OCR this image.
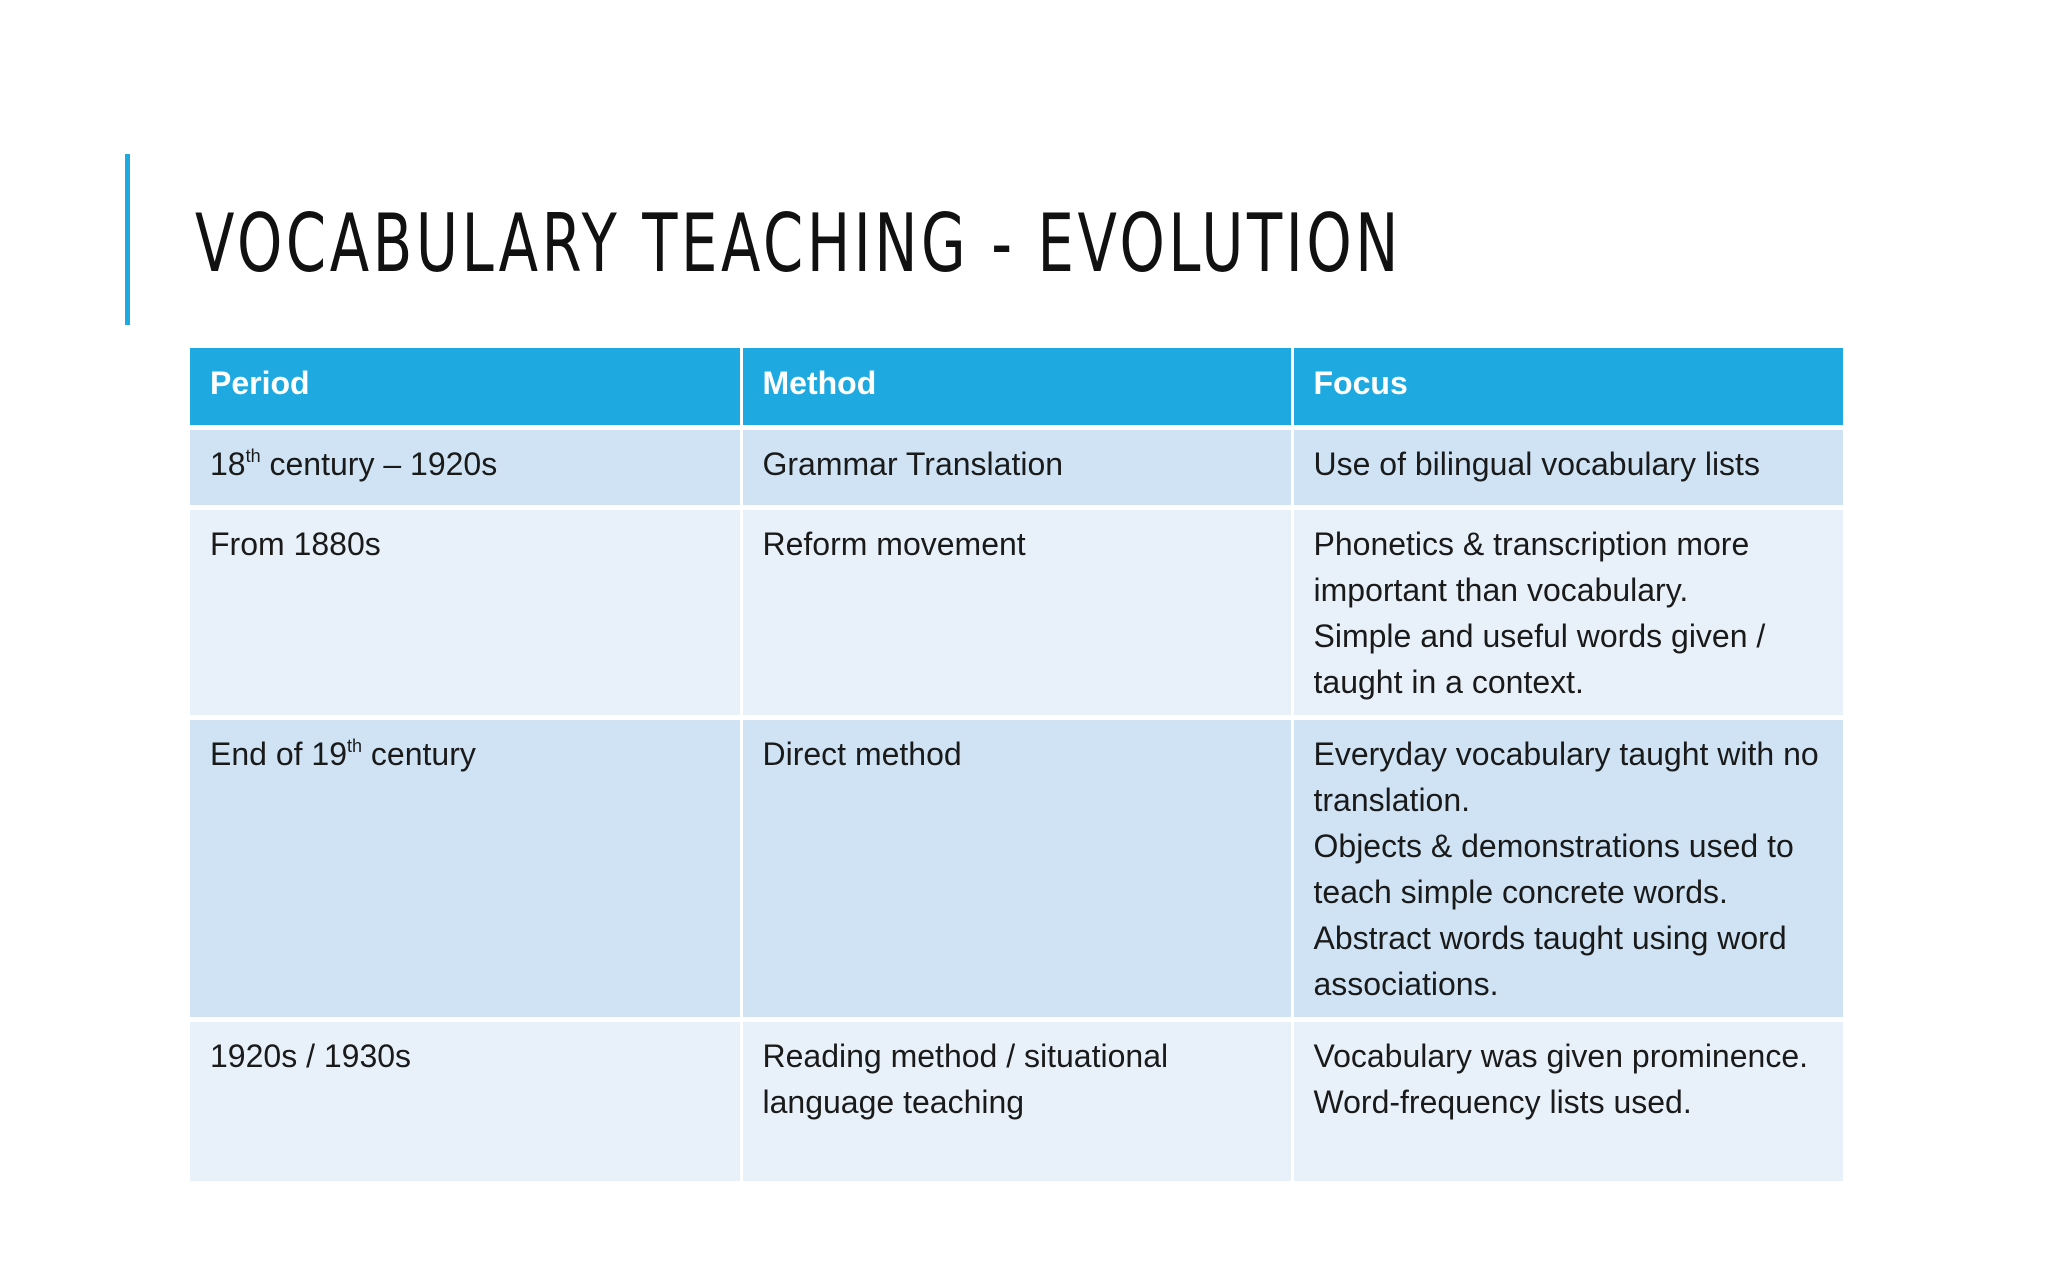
VOCABULARY TEACHING - EVOLUTION
Period	Method	Focus
18th century – 1920s	Grammar Translation	Use of bilingual vocabulary lists

From 1880s	Reform movement	Phonetics & transcription more important than vocabulary.
Simple and useful words given / taught in a context.

End of 19th century	Direct method	Everyday vocabulary taught with no translation.
Objects & demonstrations used to teach simple concrete words.
Abstract words taught using word associations.

1920s / 1930s	Reading method / situational language teaching	Vocabulary was given prominence.
Word-frequency lists used.
